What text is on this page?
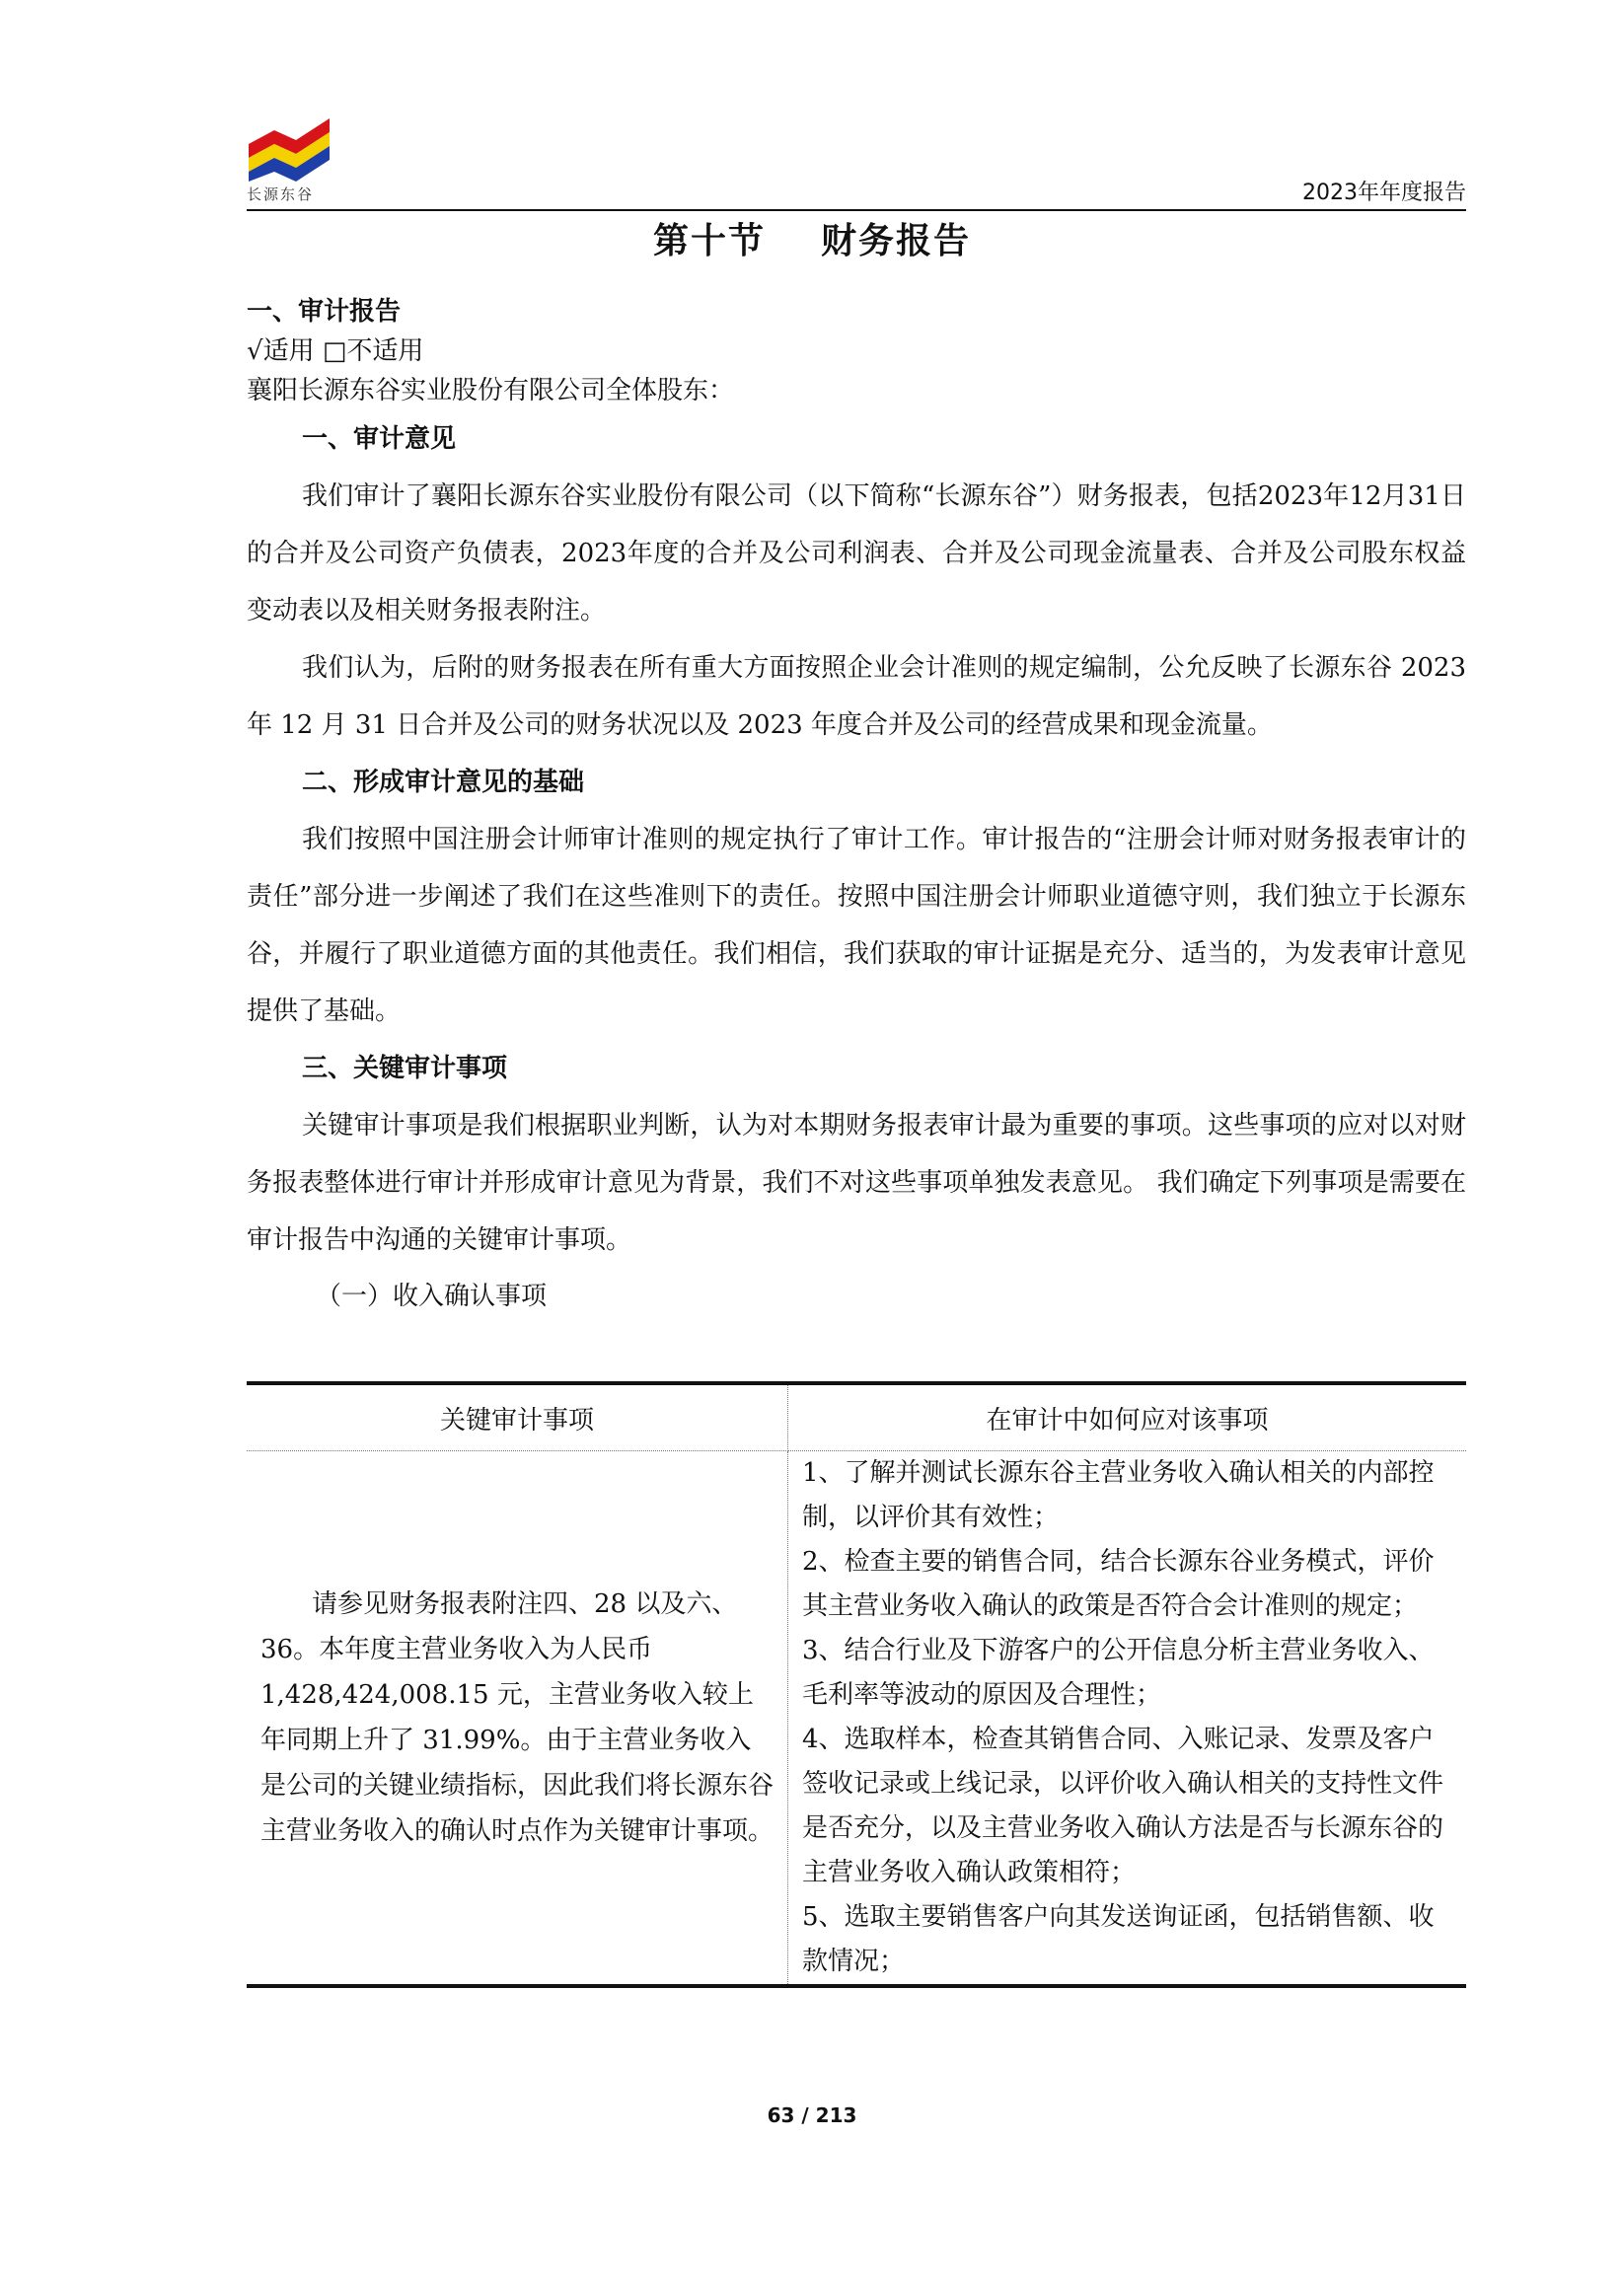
长源东谷	2023年年度报告
第十节 财务报告
一、审计报告
√适用 □不适用
襄阳长源东谷实业股份有限公司全体股东：
一、审计意见

我们审计了襄阳长源东谷实业股份有限公司（以下简称“长源东谷”）财务报表，包括2023年12月31日的合并及公司资产负债表，2023年度的合并及公司利润表、合并及公司现金流量表、合并及公司股东权益变动表以及相关财务报表附注。

我们认为，后附的财务报表在所有重大方面按照企业会计准则的规定编制，公允反映了长源东谷 2023 年 12 月 31 日合并及公司的财务状况以及 2023 年度合并及公司的经营成果和现金流量。

二、形成审计意见的基础

我们按照中国注册会计师审计准则的规定执行了审计工作。审计报告的“注册会计师对财务报表审计的责任”部分进一步阐述了我们在这些准则下的责任。按照中国注册会计师职业道德守则，我们独立于长源东谷，并履行了职业道德方面的其他责任。我们相信，我们获取的审计证据是充分、适当的，为发表审计意见提供了基础。

三、关键审计事项

关键审计事项是我们根据职业判断，认为对本期财务报表审计最为重要的事项。这些事项的应对以对财务报表整体进行审计并形成审计意见为背景，我们不对这些事项单独发表意见。 我们确定下列事项是需要在审计报告中沟通的关键审计事项。

（一）收入确认事项
关键审计事项	在审计中如何应对该事项
请参见财务报表附注四、28 以及六、36。本年度主营业务收入为人民币1,428,424,008.15 元，主营业务收入较上年同期上升了 31.99%。由于主营业务收入是公司的关键业绩指标，因此我们将长源东谷主营业务收入的确认时点作为关键审计事项。	1、了解并测试长源东谷主营业务收入确认相关的内部控制，以评价其有效性；
2、检查主要的销售合同，结合长源东谷业务模式，评价其主营业务收入确认的政策是否符合会计准则的规定；
3、结合行业及下游客户的公开信息分析主营业务收入、毛利率等波动的原因及合理性；
4、选取样本，检查其销售合同、入账记录、发票及客户签收记录或上线记录，以评价收入确认相关的支持性文件是否充分，以及主营业务收入确认方法是否与长源东谷的主营业务收入确认政策相符；
5、选取主要销售客户向其发送询证函，包括销售额、收款情况；
63 / 213
